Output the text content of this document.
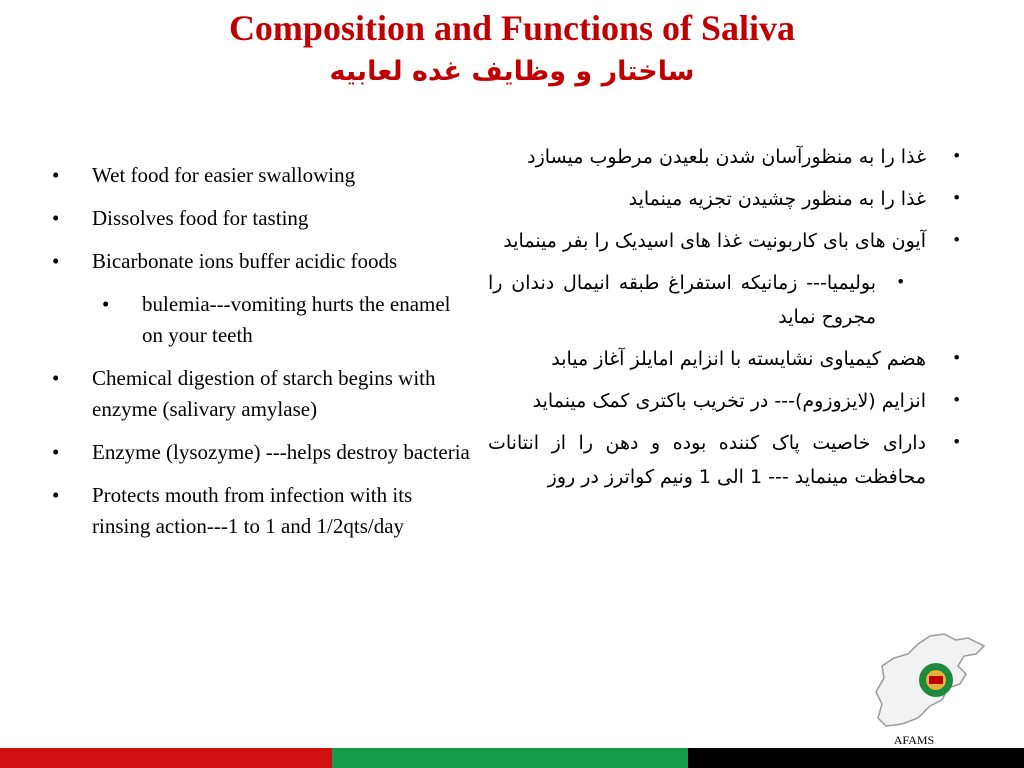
Composition and Functions of Saliva
ساختار و وظایف غده لعابیه
• Wet food for easier swallowing
• Dissolves food for tasting
• Bicarbonate ions buffer acidic foods
• bulemia---vomiting hurts the enamel on your teeth
• Chemical digestion of starch begins with enzyme (salivary amylase)
• Enzyme (lysozyme) ---helps destroy bacteria
• Protects mouth from infection with its rinsing action---1 to 1 and 1/2qts/day
•
غذا را به منظورآسان شدن بلعیدن مرطوب میسازد
•
غذا را به منظور چشیدن تجزیه مینماید
•
آیون های بای کاربونیت غذا های اسیدیک را بفر مینماید
•
بولیمیا--- زمانیکه استفراغ طبقه انیمال دندان را مجروح نماید
•
هضم کیمیاوی نشایسته با انزایم امایلز آغاز میابد
•
انزایم (لایزوزوم)--- در تخریب باکتری کمک مینماید
•
دارای خاصیت پاک کننده بوده و دهن را از انتانات محافظت مینماید --- 1 الی 1 ونیم کواترز در روز
AFAMS
